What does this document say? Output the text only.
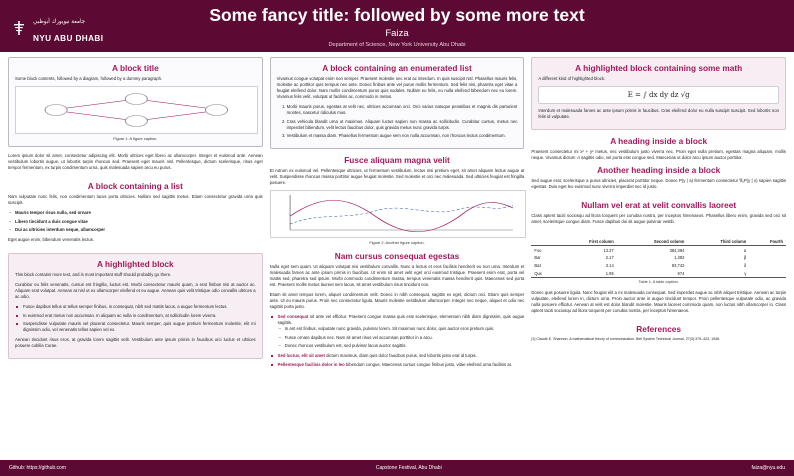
جامعة نيويورك أبوظبي
NYU ABU DHABI
Some fancy title: followed by some more text
Faiza
Department of Science, New York University Abu Dhabi
A block title

Some block contents, followed by a diagram, followed by a dummy paragraph.

Figure 1: A figure caption.

Lorem ipsum dolor sit amet, consectetur adipiscing elit. Morbi ultrices eget libero ac ullamcorper. Integer et euismod ante. Aenean vestibulum lobortis augue, ut lobortis turpis rhoncus sed. Praesent eget mauris nisl. Pellentesque, dictum scelerisque, risus eget tempor fermentum, ex turpis condimentum urna, quis malesuada sapien arcu eu purus.

A block containing a list

Nam vulputate nunc felis, non condimentum lacus porta ultricies. Nullam sed sagittis metus. Etiam consectetur gravida urna quis suscipit.

– Mauris tempor risus nulla, sed ornare
– Libero tincidunt a duis congue vitae
– Dui ac ultricies interdum neque, ullamcorper

Eget augue enim, bibendum venenatis lectus.

A highlighted block

This block contains more text, and is most important stuff should probably go there.

Curabitur eu felis venenatis, cursus est fringilla, luctus est. Morbi consectetur mauris quam, a erat finibus nisi at auctor ac. Aliquam erat volutpat. Aenean at nisl ut ex ullamcorper eleifend et eu augue. Aenean quis velit tristique odio convallis ultrices a ac odio.

Fusce dapibus tellus ut tellus semper finibus, in consequat, nibh sed mattis lacus, a augue fermentum lectus.
In euismod erat metus non accumsan. In aliquam ac nulla in condimentum, at sollicitudin lorem viverra.
Suspendisse vulputate mauris vel placerat consectetur. Mauris semper, quis augue pretium fermentum molestie, elit mi dignissim odio, vel venenatis tellus sapien vel ex.

Aenean tincidunt risus eros, at gravida lorem sagittis velit. Vestibulum ante ipsum primis in faucibus orci luctus et ultrices posuere cubilia Curae.

A block containing an enumerated list

Vivamus congue volutpat enim non semper. Praesent molestie nec erat ac interdum. In quis suscipit nisl. Phasellus mauris felis, molestie ac porttitor quis tempus nec ante. Donec finibus ante vel purus mollis fermentum. Sed felis nisi, pharetra eget vitae a feugiat eleifend dolor. Nam mollis condimentum purus quis sodales. Nullam eu felis, eu nulla eleifend bibendum nec eu lorem. Vivamus felis velit, volutpat ut facilisis ac, commodo in metus.

1. Morbi mauris purus, egestas at velit nec, ultrices accumsan orci. Orci varius natoque penatibus et magnis dis parturient montes, nascetur ridiculus mus.
2. Cras vehicula blandit urna ut maximus. Aliquam luctus sapien non massa ac sollicitudin. Curabitur cursus, metus nec imperdiet bibendum, velit lectus faucibus dolor, quis gravida metus nunc gravida turpis.
3. Vestibulum et massa diam. Phasellus fermentum augue sem non nulla accumsan, non rhoncus lectus condimentum.
Fusce aliquam magna velit

Et rutrum ex euismod vel. Pellentesque ultricies, ut fermentum vestibulum, lectus nisi pretium eget, sit amet aliquam lectus augue at velit. Suspendisse rhoncus massa porttitor augue feugiat molestie. Sed molestie et orci nec malesuada. Sed ultricies feugiat est fringilla posuere.

Figure 2: Another figure caption.
Nam cursus consequat egestas

Nulla eget sem quam. Ut aliquam volutpat nisi vestibulum convallis. Nunc a lectus et eros facilisis hendrerit eu non urna. Interdum et malesuada fames ac ante ipsum primis in faucibus. Ut enim sit amet velit eget orci euismod tristique. Praesent enim erat, porta vel mattis sed, pharetra sed ipsum. Morbi commodo condimentum massa, tempus venenatis massa hendrerit quis. Maecenas sed porta est. Praesent mollis metus laoreet sem lacus, sit amet vestibulum risus tincidunt non.

Etiam sit amet tempus lorem, aliquet condimentum velit. Donec in nibh consequat, sagittis ex eget, dictum orci. Etiam quis semper ante. Ut eu mauris purus. Proin nec consectetur ligula. Mauris molestie vestibulum ullamcorper. Integer nec neque, aliquet et odio nec sagittis porta justo.

Sed consequat sit ante vel efficitur. Praesent congue massa quis erat scelerisque, elementum nibh diam dignissim, quis augue sagittis.
– In ant est finibus, vulputate nunc gravida, pulvinar lorem. Sit maximus nunc dolor, quis auctor eros pretium quis.
– Fusce ornare dapibus nec. Nam sit amet risus vel accumsan porttitor in a arcu.
– Donec rhoncus vestibulum est, sed pulvinar lacus auctor sagittis.
Sed luctus, elit sit amet dictum maximus, diam quis dolor faucibus purus, sed lobortis justo erat id turpis.
Pellentesque facilisis dolor in leo bibendum congue. Maecenas cursus congue finibus justo, vitae eleifend urna facilisis at.
A highlighted block containing some math

A different kind of highlighted block.

E = ∫ dx dy dz √g

Interdum et malesuada fames ac ante ipsum primis in faucibus. Cras eleifend dolor eu nulla suscipit suscipit. Sed lobortis non felis id vulputate.

A heading inside a block

Praesent consectetur mi x² + y² metus, nec vestibulum justo viverra nec. Proin eget nulla pretium, egestas magna aliquam, mollis neque. Vivamus dictum √ι sagittis odio, vel porta erat congue sed. Maecenas ut dolor arcu ipsum auctor porttitor.

Another heading inside a block

Sed augue erat, scelerisque a purus ultricies, placerat porttitor neque. Donec P(y | a) fermentum consectetur ∇ᵤP(y | x) sapien sagittis egestas. Duis eget leo euismod nunc viverra imperdiet nec id justo.

Nullam vel erat at velit convallis laoreet

Class aptent taciti sociosqu ad litora torquent per conubia nostra, per inceptos himenaeos. Phasellus libero enim, gravida sed orci sit amet, scelerisque congue diam. Fusce dapibus dui sit augue pulvinar vestib.

	First column	Second column	Third column	Fourth
Foo	13.37	384,394	α	
Bar	2.17	1,392	β	
Baz	3.14	83,742	δ	
Qux	1.95	974	γ	
Table 1: A table caption.

Donec quis posuere ligula. Nunc feugiat elit a mi malesuada consequat. Sed imperdiet augue ac nibh aliquet tristique. Aenean ac turpis vulputate, eleifend lorem in, dictum urna. Proin auctor ante in augue tincidunt tempor. Proin pellentesque vulputate odio, ac gravida nulla posuere efficitur. Aenean at velit est dolor blandit molestie. Mauris laoreet commodo quam, non luctus nibh ullamcorper in. Class aptent taciti sociosqu ad litora torquent per conubia nostra, per inceptos himenaeos.

References
[1] Claude E. Shannon. A mathematical theory of communication. Bell System Technical Journal, 27(3):379–423, 1948.
Github: https://github.com	Capstone Festival, Abu Dhabi	faiza@nyu.edu
